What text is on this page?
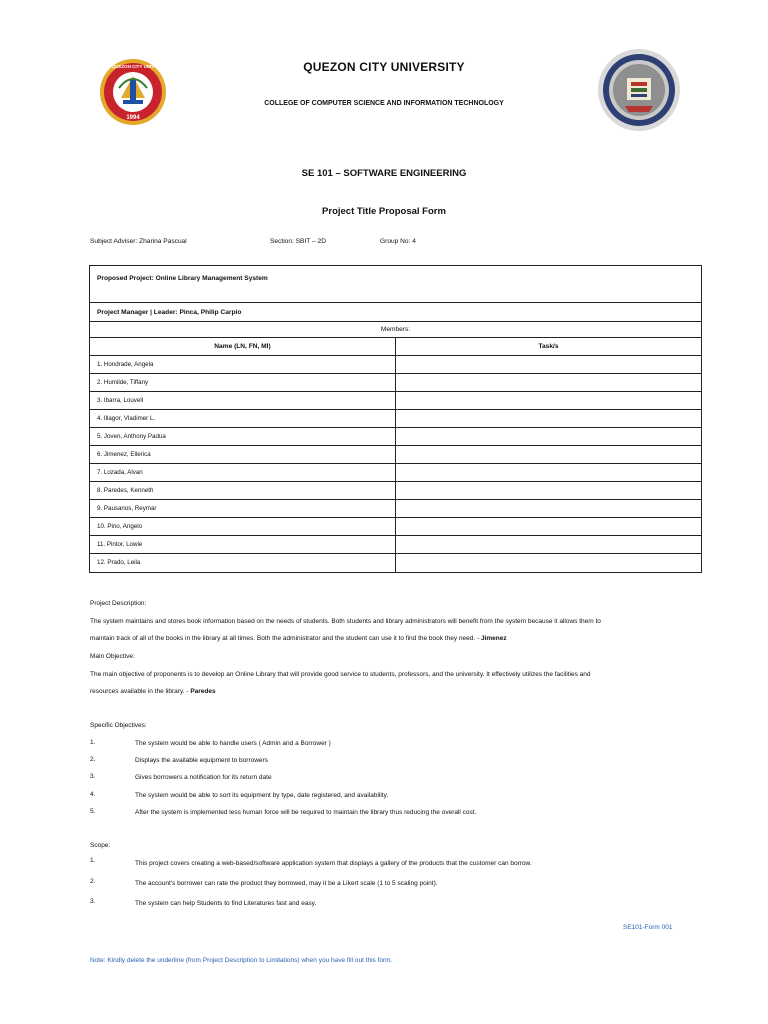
1994
QUEZON CITY UNIV	QUEZON CITY UNIVERSITY
COLLEGE OF COMPUTER SCIENCE AND INFORMATION TECHNOLOGY
SE 101 – SOFTWARE ENGINEERING
Project Title Proposal Form
Subject Adviser: Zharina Pascual	Section: SBIT – 2D	Group No: 4
Proposed Project: Online Library Management System
Project Manager | Leader: Pinca, Philip Carpio
Members:
Name (LN, FN, MI)	Task/s
1. Hondrade, Angela
2. Humilde, Tiffany
3. Ibarra, Louvell
4. Illagor, Vladimer L.
5. Joven, Anthony Padua
6. Jimenez, Ellerica
7. Lozada, Alvan
8. Paredes, Kenneth
9. Pausanos, Reymar
10. Pino, Angelo
11. Pintor, Lowie
12. Prado, Leila
Project Description:
The system maintains and stores book information based on the needs of students. Both students and library administrators will benefit from the system because it allows them to
maintain track of all of the books in the library at all times. Both the administrator and the student can use it to find the book they need. - Jimenez
Main Objective:
The main objective of proponents is to develop an Online Library that will provide good service to students, professors, and the university. It effectively utilizes the facilities and
resources available in the library. - Paredes
Specific Objectives:
1.	The system would be able to handle users ( Admin and a Borrower )
2.	Displays the available equipment to borrowers
3.	Gives borrowers a notification for its return date
4.	The system would be able to sort its equipment by type, date registered, and availability.
5.	After the system is implemented less human force will be required to maintain the library thus reducing the overall cost.
Scope:
1.	This project covers creating a web-based/software application system that displays a gallery of the products that the customer can borrow.
2.	The account's borrower can rate the product they borrowed, may it be a Likert scale (1 to 5 scaling point).
3.	The system can help Students to find Literatures fast and easy.
SE101-Form 001
Note: Kindly delete the underline (from Project Description to Limitations) when you have fill out this form.
